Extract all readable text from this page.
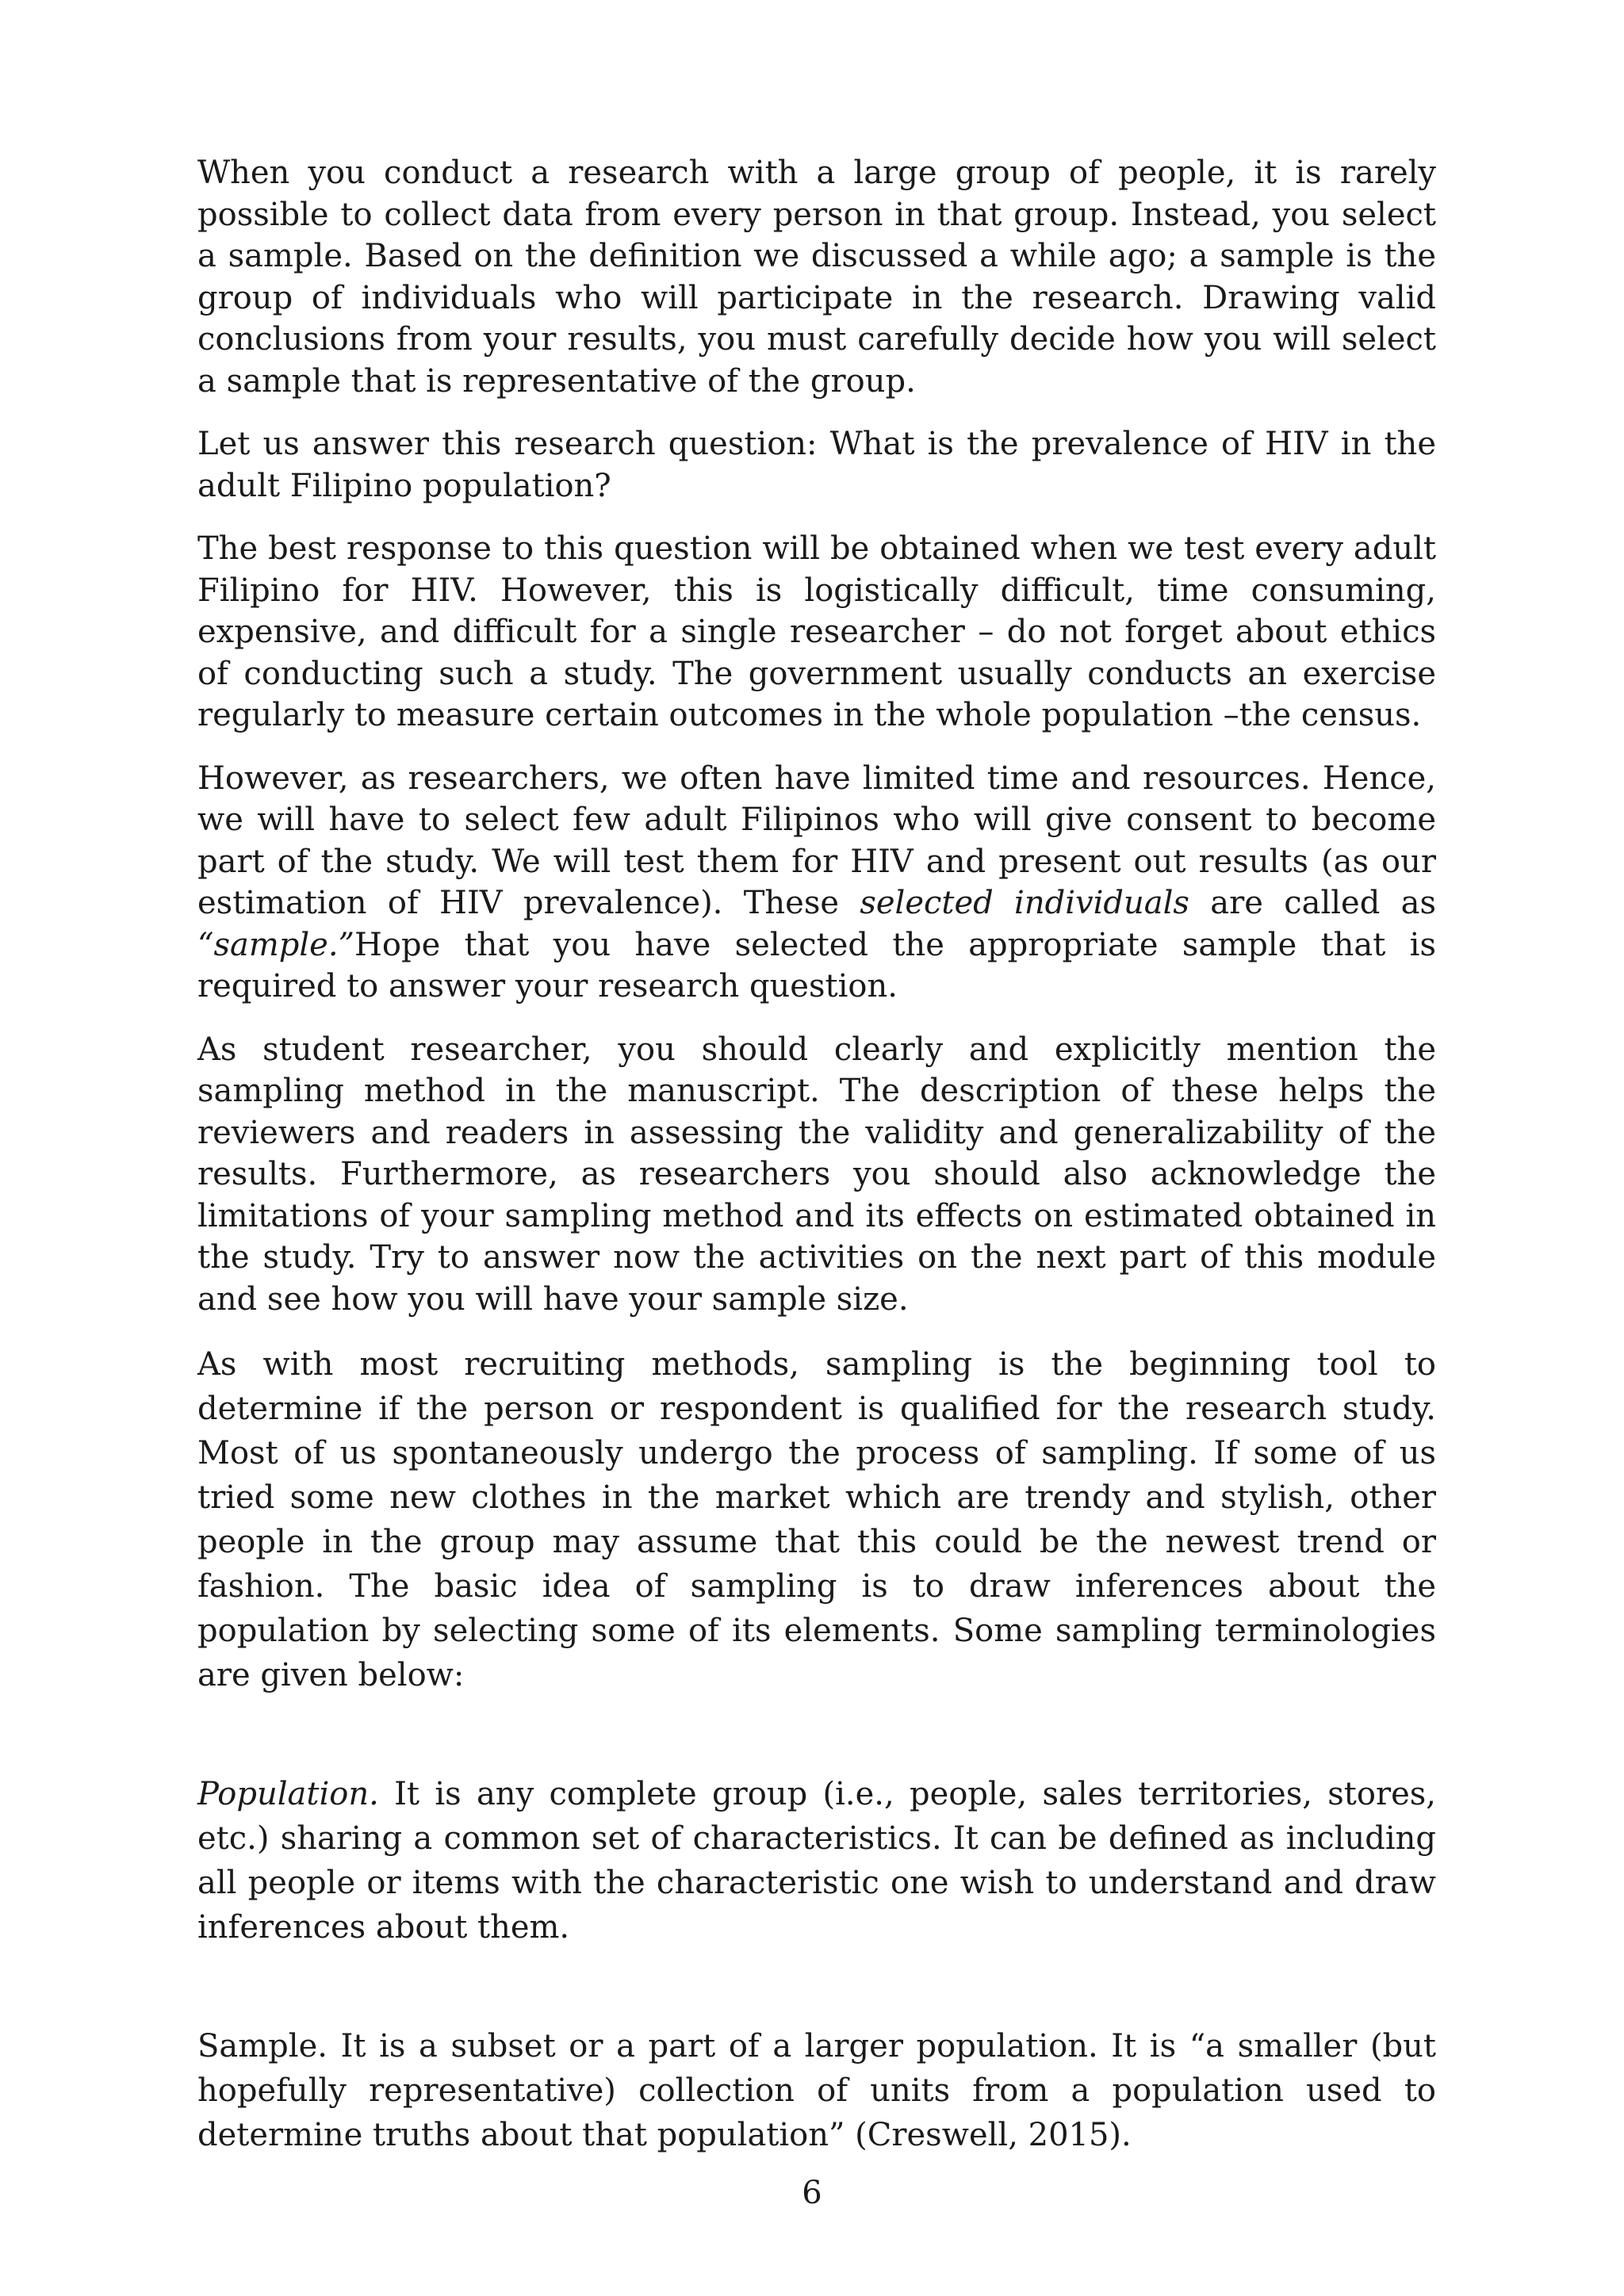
When you conduct a research with a large group of people, it is rarely possible to collect data from every person in that group. Instead, you select a sample. Based on the definition we discussed a while ago; a sample is the group of individuals who will participate in the research. Drawing valid conclusions from your results, you must carefully decide how you will select a sample that is representative of the group.

Let us answer this research question: What is the prevalence of HIV in the adult Filipino population?

The best response to this question will be obtained when we test every adult Filipino for HIV. However, this is logistically difficult, time consuming, expensive, and difficult for a single researcher – do not forget about ethics of conducting such a study. The government usually conducts an exercise regularly to measure certain outcomes in the whole population –the census.

However, as researchers, we often have limited time and resources. Hence, we will have to select few adult Filipinos who will give consent to become part of the study. We will test them for HIV and present out results (as our estimation of HIV prevalence). These selected individuals are called as “sample.”Hope that you have selected the appropriate sample that is required to answer your research question.

As student researcher, you should clearly and explicitly mention the sampling method in the manuscript. The description of these helps the reviewers and readers in assessing the validity and generalizability of the results. Furthermore, as researchers you should also acknowledge the limitations of your sampling method and its effects on estimated obtained in the study. Try to answer now the activities on the next part of this module and see how you will have your sample size.

As with most recruiting methods, sampling is the beginning tool to determine if the person or respondent is qualified for the research study. Most of us spontaneously undergo the process of sampling. If some of us tried some new clothes in the market which are trendy and stylish, other people in the group may assume that this could be the newest trend or fashion. The basic idea of sampling is to draw inferences about the population by selecting some of its elements. Some sampling terminologies are given below:

Population. It is any complete group (i.e., people, sales territories, stores, etc.) sharing a common set of characteristics. It can be defined as including all people or items with the characteristic one wish to understand and draw inferences about them.

Sample. It is a subset or a part of a larger population. It is “a smaller (but hopefully representative) collection of units from a population used to determine truths about that population” (Creswell, 2015).

6
